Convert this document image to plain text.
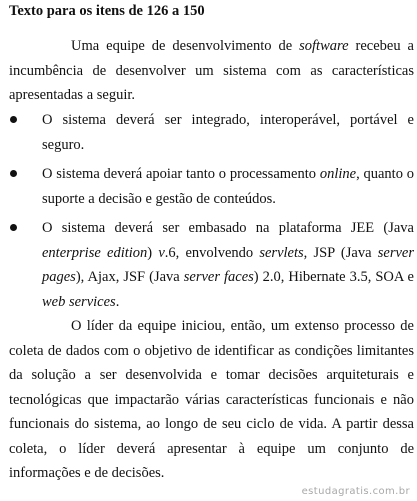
Texto para os itens de 126 a 150

Uma equipe de desenvolvimento de software recebeu a incumbência de desenvolver um sistema com as características apresentadas a seguir.

O sistema deverá ser integrado, interoperável, portável e seguro.
O sistema deverá apoiar tanto o processamento online, quanto o suporte a decisão e gestão de conteúdos.
O sistema deverá ser embasado na plataforma JEE (Java enterprise edition) v.6, envolvendo servlets, JSP (Java server pages), Ajax, JSF (Java server faces) 2.0, Hibernate 3.5, SOA e web services.

O líder da equipe iniciou, então, um extenso processo de coleta de dados com o objetivo de identificar as condições limitantes da solução a ser desenvolvida e tomar decisões arquiteturais e tecnológicas que impactarão várias características funcionais e não funcionais do sistema, ao longo de seu ciclo de vida. A partir dessa coleta, o líder deverá apresentar à equipe um conjunto de informações e de decisões.

estudagratis.com.br
